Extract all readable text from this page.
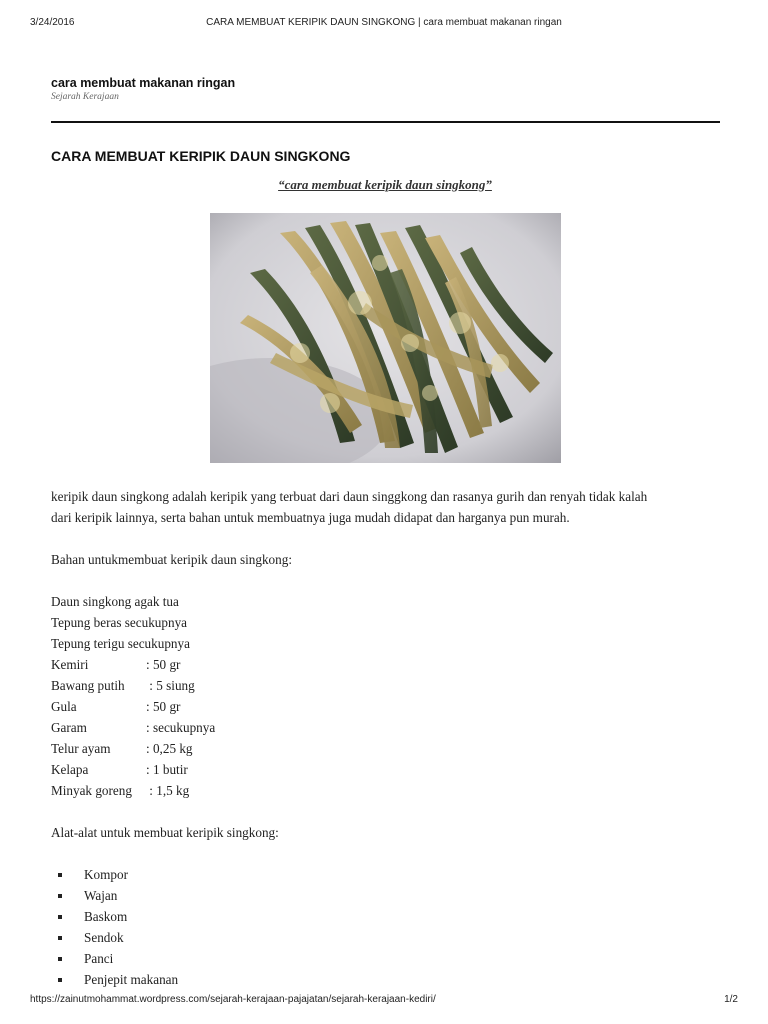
3/24/2016	CARA MEMBUAT KERIPIK DAUN SINGKONG | cara membuat makanan ringan
cara membuat makanan ringan
Sejarah Kerajaan
CARA MEMBUAT KERIPIK DAUN SINGKONG
“cara membuat keripik daun singkong”

keripik daun singkong adalah keripik yang terbuat dari daun singgkong dan rasanya gurih dan renyah tidak kalah
dari keripik lainnya, serta bahan untuk membuatnya juga mudah didapat dan harganya pun murah.

Bahan untukmembuat keripik daun singkong:

Daun singkong agak tua
Tepung beras secukupnya
Tepung terigu secukupnya
Kemiri	: 50 gr
Bawang putih : 5 siung
Gula	: 50 gr
Garam	: secukupnya
Telur ayam	: 0,25 kg
Kelapa	: 1 butir
Minyak goreng : 1,5 kg

Alat-alat untuk membuat keripik singkong:

Kompor
Wajan
Baskom
Sendok
Panci
Penjepit makanan
https://zainutmohammat.wordpress.com/sejarah-kerajaan-pajajatan/sejarah-kerajaan-kediri/	1/2
